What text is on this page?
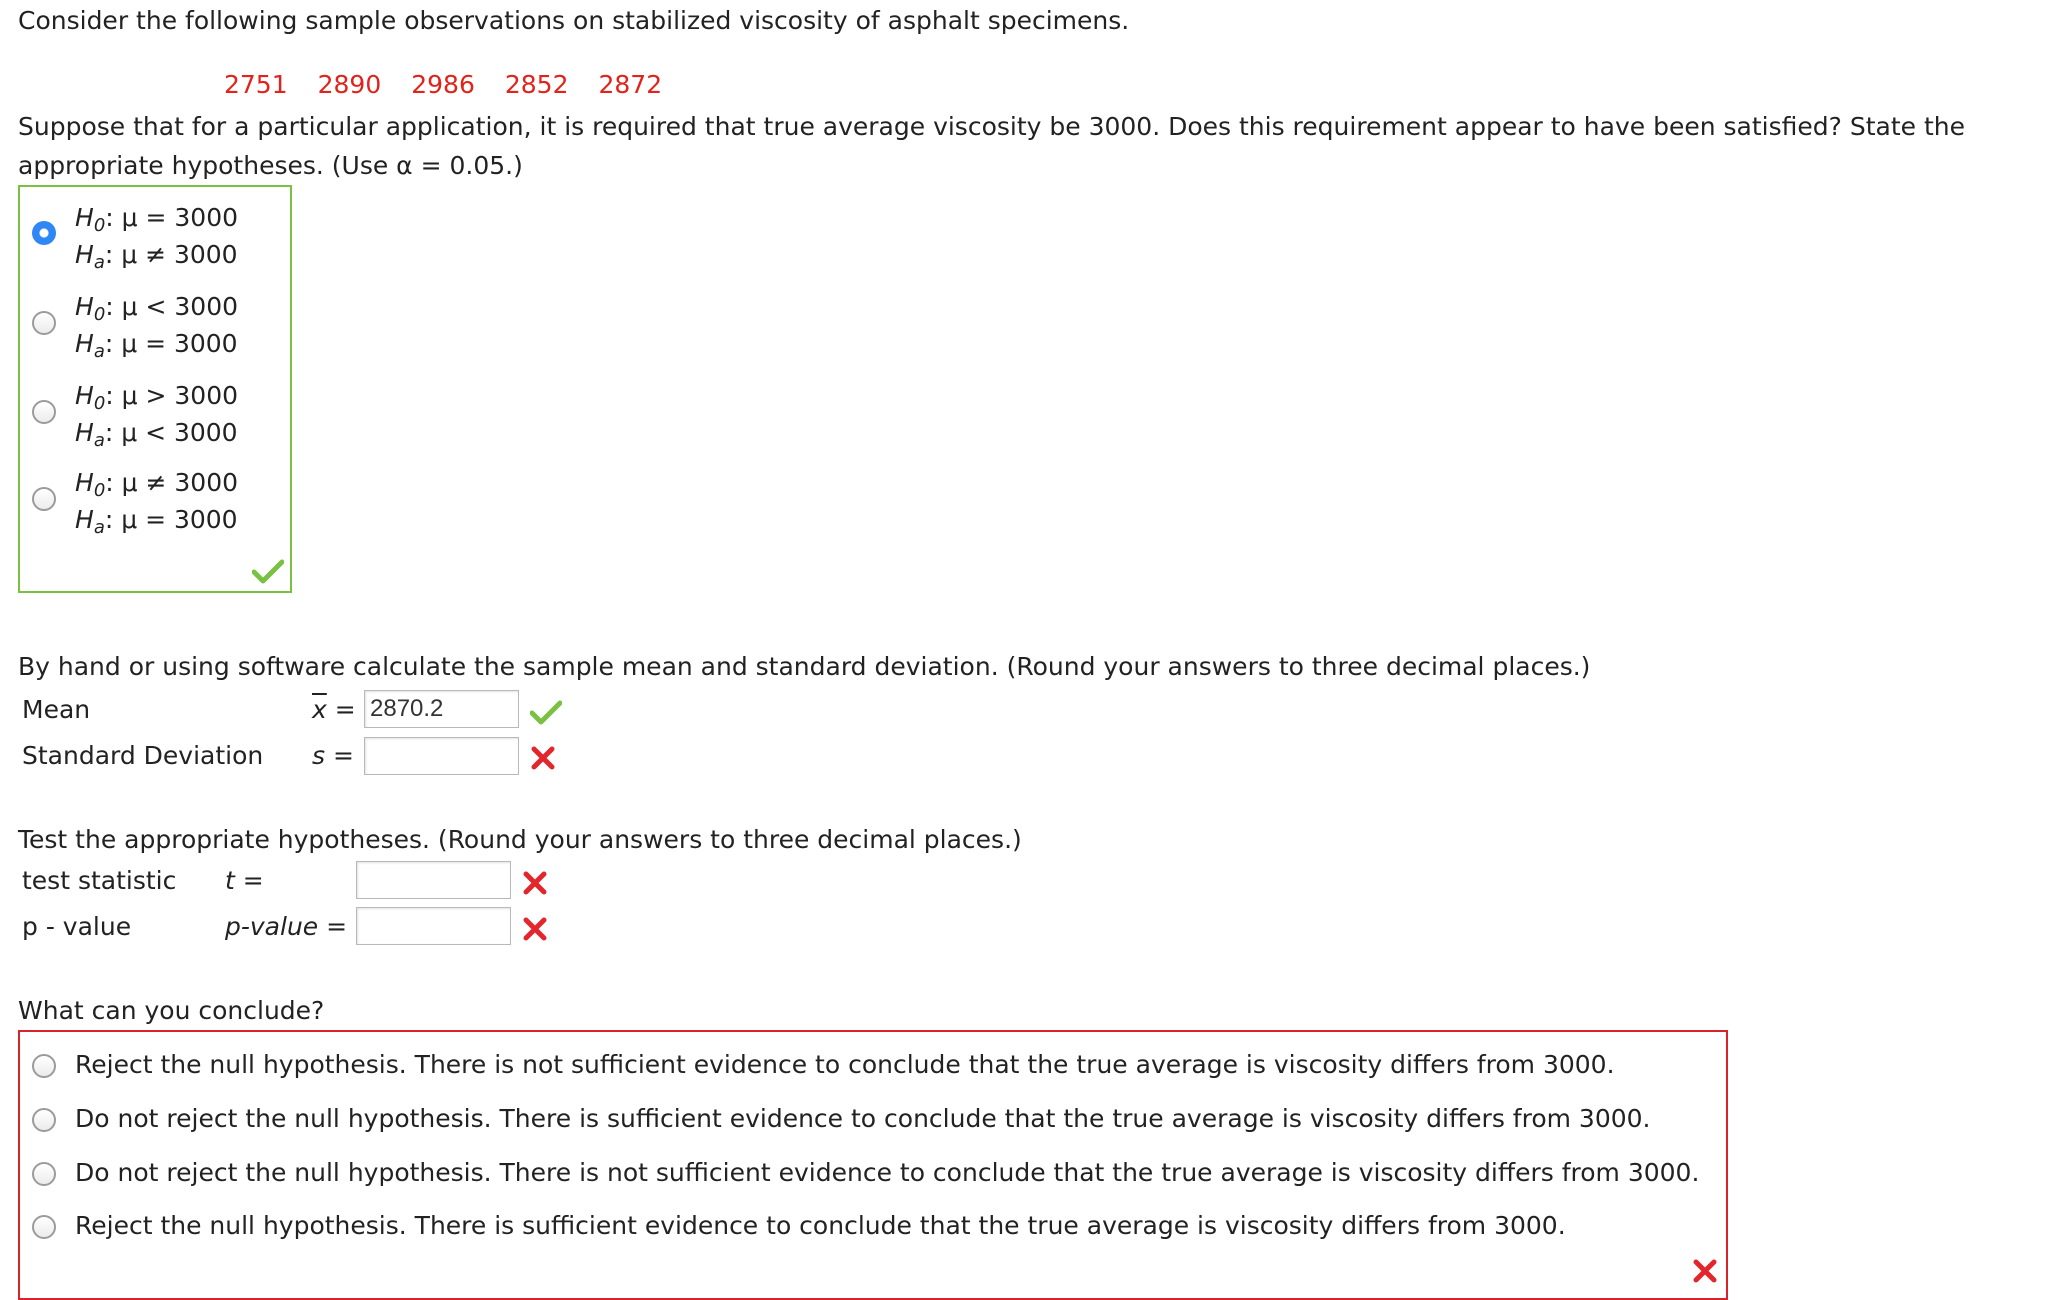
Consider the following sample observations on stabilized viscosity of asphalt specimens.
2751 2890 2986 2852 2872
Suppose that for a particular application, it is required that true average viscosity be 3000. Does this requirement appear to have been satisfied? State the
appropriate hypotheses. (Use α = 0.05.)
$H_0$: μ = 3000
$H_a$: μ ≠ 3000
$H_0$: μ < 3000
$H_a$: μ = 3000
$H_0$: μ > 3000
$H_a$: μ < 3000
$H_0$: μ ≠ 3000
$H_a$: μ = 3000
By hand or using software calculate the sample mean and standard deviation. (Round your answers to three decimal places.)
Mean	$\overline{x} = 2870.2$
Standard Deviation s =
Test the appropriate hypotheses. (Round your answers to three decimal places.)
test statistic t =
p - value	p-value =
What can you conclude?
Reject the null hypothesis. There is not sufficient evidence to conclude that the true average is viscosity differs from 3000.
Do not reject the null hypothesis. There is sufficient evidence to conclude that the true average is viscosity differs from 3000.
Do not reject the null hypothesis. There is not sufficient evidence to conclude that the true average is viscosity differs from 3000.
Reject the null hypothesis. There is sufficient evidence to conclude that the true average is viscosity differs from 3000.
